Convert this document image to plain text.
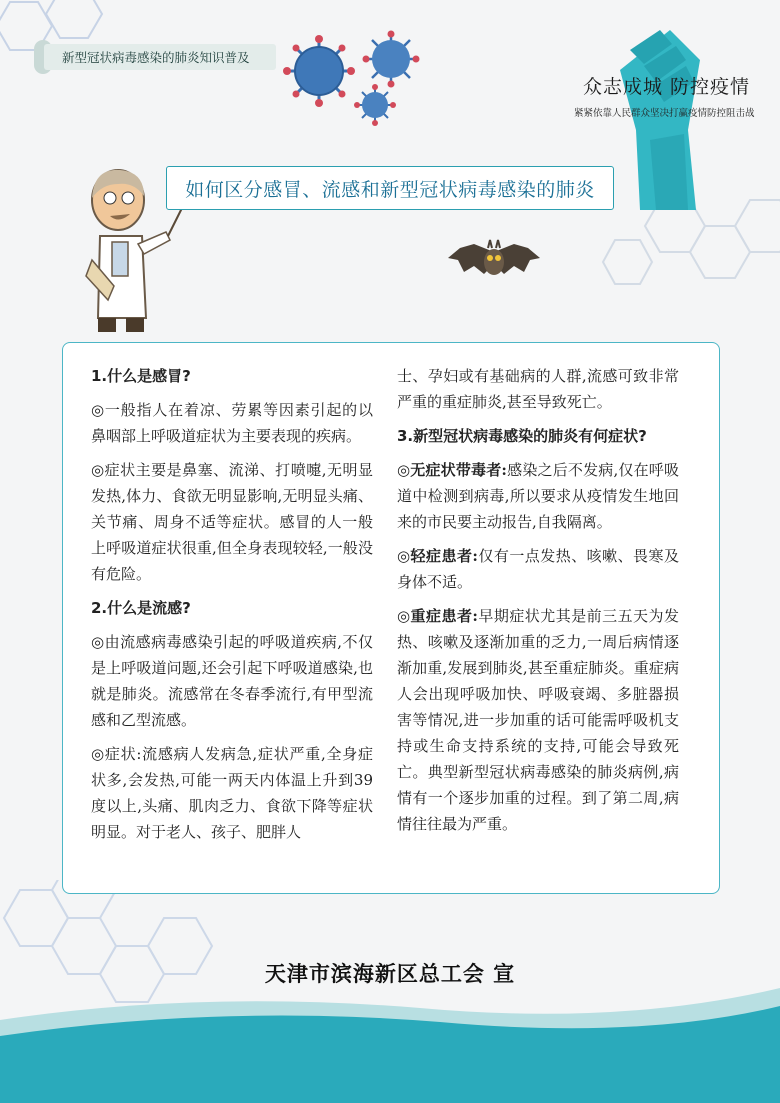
新型冠状病毒感染的肺炎知识普及
众志成城 防控疫情
紧紧依靠人民群众坚决打赢疫情防控阻击战
如何区分感冒、流感和新型冠状病毒感染的肺炎
1.什么是感冒?

◎一般指人在着凉、劳累等因素引起的以鼻咽部上呼吸道症状为主要表现的疾病。

◎症状主要是鼻塞、流涕、打喷嚏,无明显发热,体力、食欲无明显影响,无明显头痛、关节痛、周身不适等症状。感冒的人一般上呼吸道症状很重,但全身表现较轻,一般没有危险。

2.什么是流感?

◎由流感病毒感染引起的呼吸道疾病,不仅是上呼吸道问题,还会引起下呼吸道感染,也就是肺炎。流感常在冬春季流行,有甲型流感和乙型流感。

◎症状:流感病人发病急,症状严重,全身症状多,会发热,可能一两天内体温上升到39度以上,头痛、肌肉乏力、食欲下降等症状明显。对于老人、孩子、肥胖人

士、孕妇或有基础病的人群,流感可致非常严重的重症肺炎,甚至导致死亡。

3.新型冠状病毒感染的肺炎有何症状?

◎无症状带毒者:感染之后不发病,仅在呼吸道中检测到病毒,所以要求从疫情发生地回来的市民要主动报告,自我隔离。

◎轻症患者:仅有一点发热、咳嗽、畏寒及身体不适。

◎重症患者:早期症状尤其是前三五天为发热、咳嗽及逐渐加重的乏力,一周后病情逐渐加重,发展到肺炎,甚至重症肺炎。重症病人会出现呼吸加快、呼吸衰竭、多脏器损害等情况,进一步加重的话可能需呼吸机支持或生命支持系统的支持,可能会导致死亡。典型新型冠状病毒感染的肺炎病例,病情有一个逐步加重的过程。到了第二周,病情往往最为严重。

天津市滨海新区总工会 宣
